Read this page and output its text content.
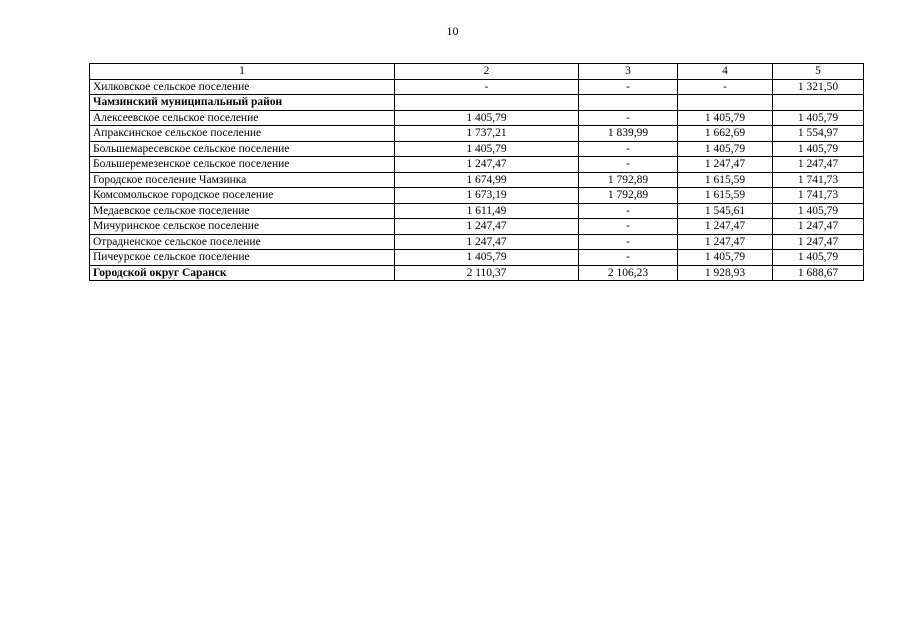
10
1	2	3	4	5
Хилковское сельское поселение	-	-	-	1 321,50
Чамзинский муниципальный район				
Алексеевское сельское поселение	1 405,79	-	1 405,79	1 405,79
Апраксинское сельское поселение	1 737,21	1 839,99	1 662,69	1 554,97
Большемаресевское сельское поселение	1 405,79	-	1 405,79	1 405,79
Большеремезенское сельское поселение	1 247,47	-	1 247,47	1 247,47
Городское поселение Чамзинка	1 674,99	1 792,89	1 615,59	1 741,73
Комсомольское городское поселение	1 673,19	1 792,89	1 615,59	1 741,73
Медаевское сельское поселение	1 611,49	-	1 545,61	1 405,79
Мичуринское сельское поселение	1 247,47	-	1 247,47	1 247,47
Отрадненское сельское поселение	1 247,47	-	1 247,47	1 247,47
Пичеурское сельское поселение	1 405,79	-	1 405,79	1 405,79
Городской округ Саранск	2 110,37	2 106,23	1 928,93	1 688,67
